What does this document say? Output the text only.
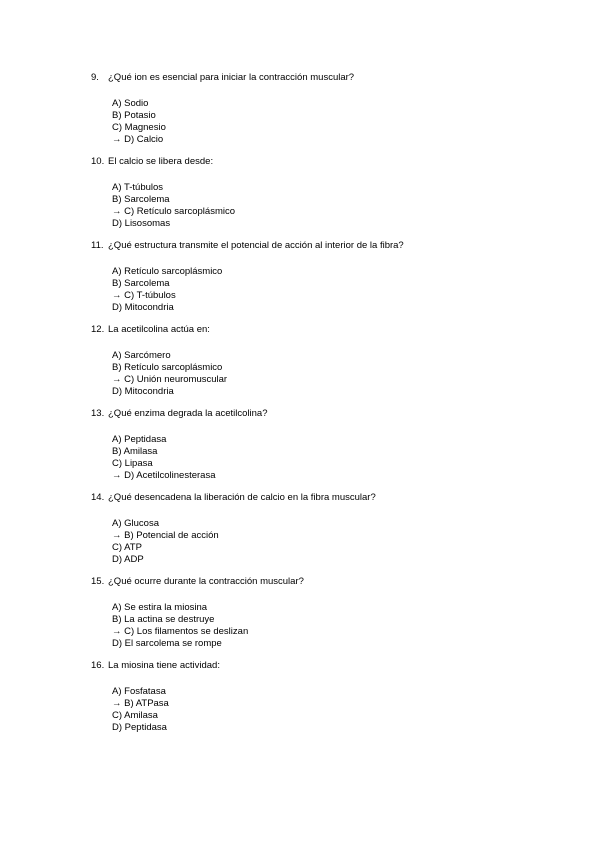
9. ¿Qué ion es esencial para iniciar la contracción muscular?
A) Sodio
B) Potasio
C) Magnesio
→ D) Calcio
10. El calcio se libera desde:
A) T-túbulos
B) Sarcolema
→ C) Retículo sarcoplásmico
D) Lisosomas
11. ¿Qué estructura transmite el potencial de acción al interior de la fibra?
A) Retículo sarcoplásmico
B) Sarcolema
→ C) T-túbulos
D) Mitocondria
12. La acetilcolina actúa en:
A) Sarcómero
B) Retículo sarcoplásmico
→ C) Unión neuromuscular
D) Mitocondria
13. ¿Qué enzima degrada la acetilcolina?
A) Peptidasa
B) Amilasa
C) Lipasa
→ D) Acetilcolinesterasa
14. ¿Qué desencadena la liberación de calcio en la fibra muscular?
A) Glucosa
→ B) Potencial de acción
C) ATP
D) ADP
15. ¿Qué ocurre durante la contracción muscular?
A) Se estira la miosina
B) La actina se destruye
→ C) Los filamentos se deslizan
D) El sarcolema se rompe
16. La miosina tiene actividad:
A) Fosfatasa
→ B) ATPasa
C) Amilasa
D) Peptidasa
